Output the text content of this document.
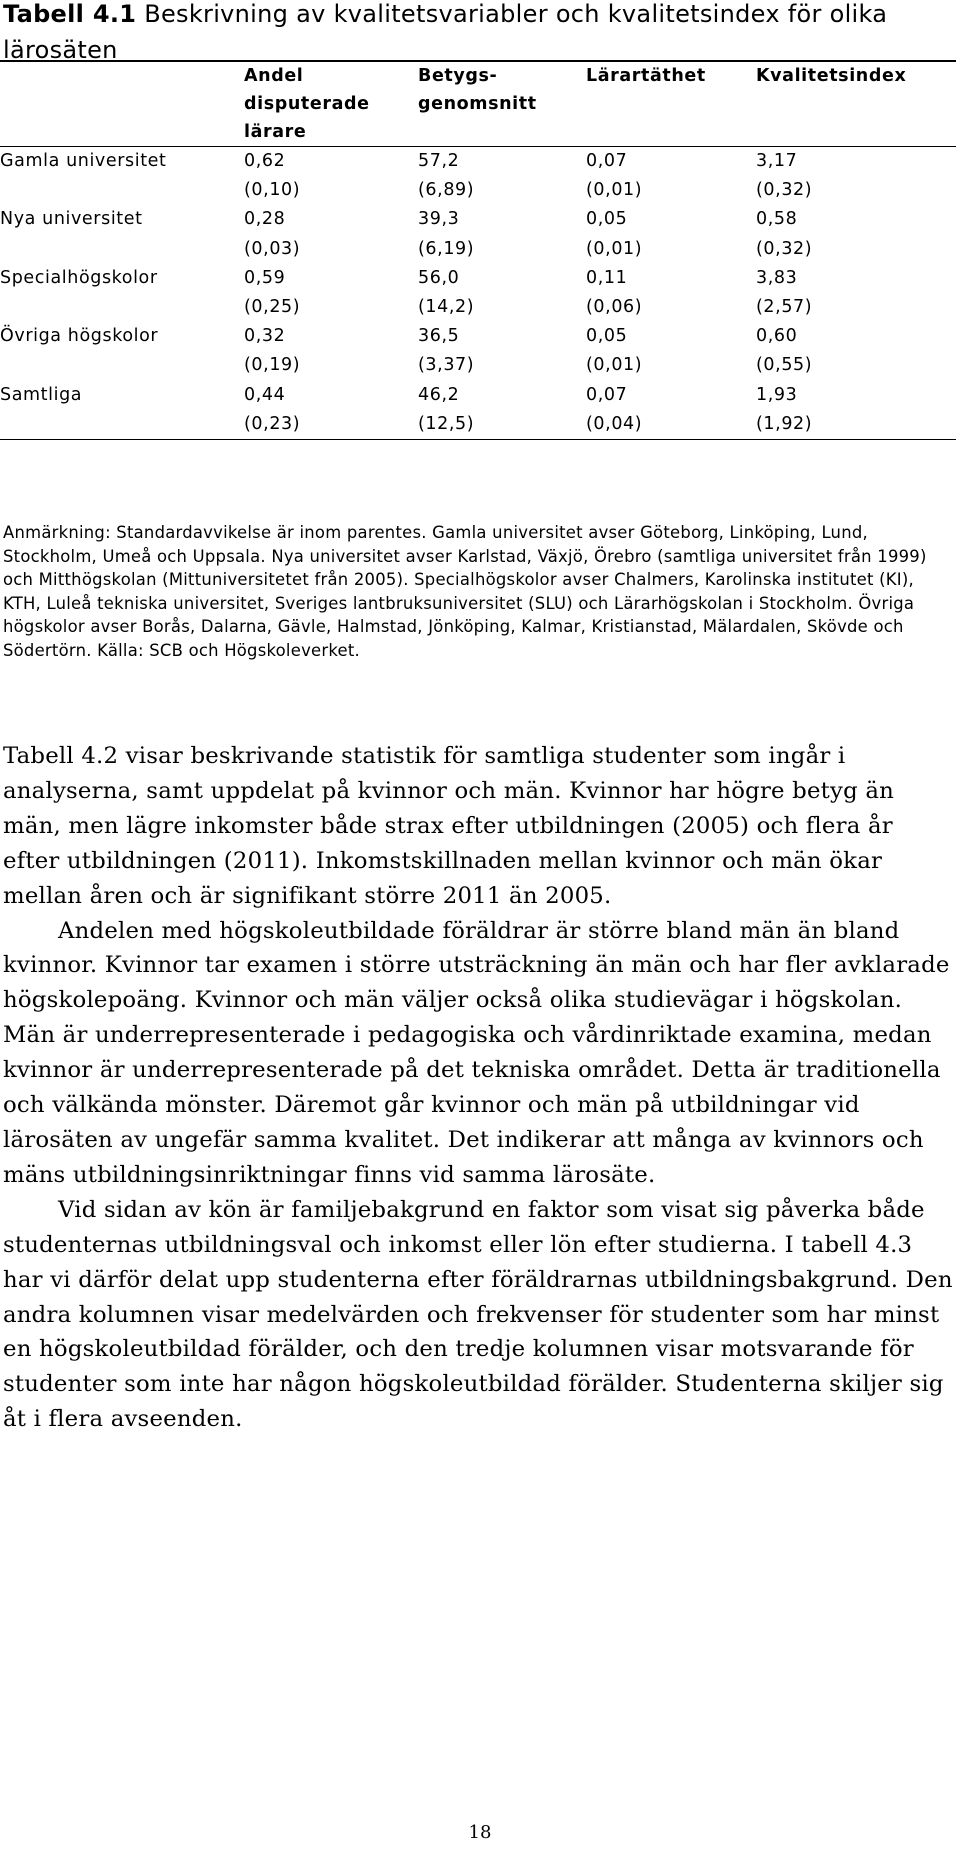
Tabell 4.1 Beskrivning av kvalitetsvariabler och kvalitetsindex för olika lärosäten

	Andel
disputerade
lärare	Betygs-
genomsnitt	Lärartäthet	Kvalitetsindex

Gamla universitet	0,62	57,2	0,07	3,17
	(0,10)	(6,89)	(0,01)	(0,32)
Nya universitet	0,28	39,3	0,05	0,58
	(0,03)	(6,19)	(0,01)	(0,32)
Specialhögskolor	0,59	56,0	0,11	3,83
	(0,25)	(14,2)	(0,06)	(2,57)
Övriga högskolor	0,32	36,5	0,05	0,60
	(0,19)	(3,37)	(0,01)	(0,55)
Samtliga	0,44	46,2	0,07	1,93
	(0,23)	(12,5)	(0,04)	(1,92)
Anmärkning: Standardavvikelse är inom parentes. Gamla universitet avser Göteborg, Linköping, Lund, Stockholm, Umeå och Uppsala. Nya universitet avser Karlstad, Växjö, Örebro (samtliga universitet från 1999) och Mitthögskolan (Mittuniversitetet från 2005). Specialhögskolor avser Chalmers, Karolinska institutet (KI), KTH, Luleå tekniska universitet, Sveriges lantbruksuniversitet (SLU) och Lärarhögskolan i Stockholm. Övriga högskolor avser Borås, Dalarna, Gävle, Halmstad, Jönköping, Kalmar, Kristianstad, Mälardalen, Skövde och Södertörn. Källa: SCB och Högskoleverket.

Tabell 4.2 visar beskrivande statistik för samtliga studenter som ingår i analyserna, samt uppdelat på kvinnor och män. Kvinnor har högre betyg än män, men lägre inkomster både strax efter utbildningen (2005) och flera år efter utbildningen (2011). Inkomstskillnaden mellan kvinnor och män ökar mellan åren och är signifikant större 2011 än 2005.

Andelen med högskoleutbildade föräldrar är större bland män än bland kvinnor. Kvinnor tar examen i större utsträckning än män och har fler avklarade högskolepoäng. Kvinnor och män väljer också olika studievägar i högskolan. Män är underrepresenterade i pedagogiska och vårdinriktade examina, medan kvinnor är underrepresenterade på det tekniska området. Detta är traditionella och välkända mönster. Däremot går kvinnor och män på utbildningar vid lärosäten av ungefär samma kvalitet. Det indikerar att många av kvinnors och mäns utbildningsinriktningar finns vid samma lärosäte.

Vid sidan av kön är familjebakgrund en faktor som visat sig påverka både studenternas utbildningsval och inkomst eller lön efter studierna. I tabell 4.3 har vi därför delat upp studenterna efter föräldrarnas utbildningsbakgrund. Den andra kolumnen visar medelvärden och frekvenser för studenter som har minst en högskoleutbildad förälder, och den tredje kolumnen visar motsvarande för studenter som inte har någon högskoleutbildad förälder. Studenterna skiljer sig åt i flera avseenden.

18
